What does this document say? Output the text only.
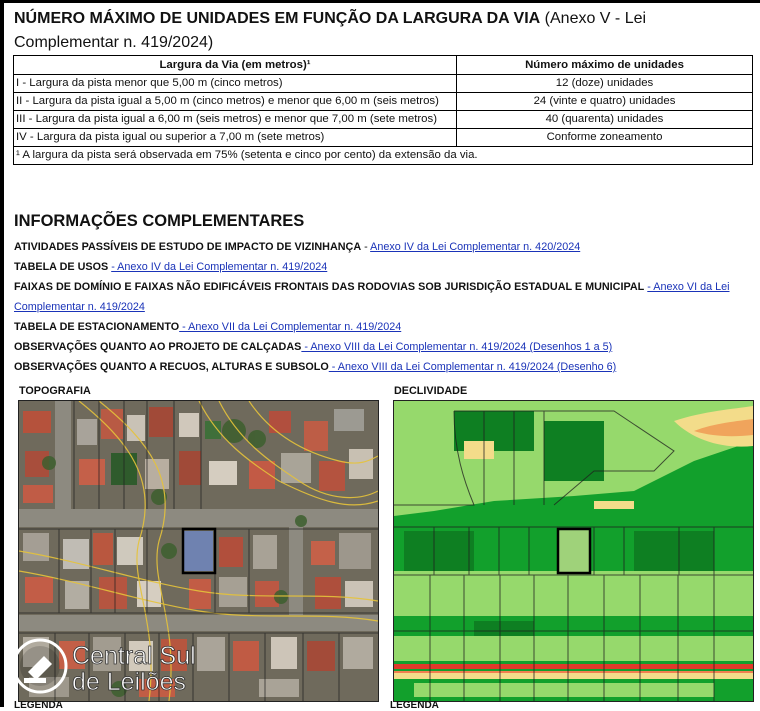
NÚMERO MÁXIMO DE UNIDADES EM FUNÇÃO DA LARGURA DA VIA (Anexo V - Lei Complementar n. 419/2024)
Largura da Via (em metros)¹	Número máximo de unidades
I - Largura da pista menor que 5,00 m (cinco metros)	12 (doze) unidades
II - Largura da pista igual a 5,00 m (cinco metros) e menor que 6,00 m (seis metros)	24 (vinte e quatro) unidades
III - Largura da pista igual a 6,00 m (seis metros) e menor que 7,00 m (sete metros)	40 (quarenta) unidades
IV - Largura da pista igual ou superior a 7,00 m (sete metros)	Conforme zoneamento
¹ A largura da pista será observada em 75% (setenta e cinco por cento) da extensão da via.	
INFORMAÇÕES COMPLEMENTARES
ATIVIDADES PASSÍVEIS DE ESTUDO DE IMPACTO DE VIZINHANÇA - Anexo IV da Lei Complementar n. 420/2024
TABELA DE USOS - Anexo IV da Lei Complementar n. 419/2024
FAIXAS DE DOMÍNIO E FAIXAS NÃO EDIFICÁVEIS FRONTAIS DAS RODOVIAS SOB JURISDIÇÃO ESTADUAL E MUNICIPAL - Anexo VI da Lei Complementar n. 419/2024
TABELA DE ESTACIONAMENTO - Anexo VII da Lei Complementar n. 419/2024
OBSERVAÇÕES QUANTO AO PROJETO DE CALÇADAS - Anexo VIII da Lei Complementar n. 419/2024 (Desenhos 1 a 5)
OBSERVAÇÕES QUANTO A RECUOS, ALTURAS E SUBSOLO - Anexo VIII da Lei Complementar n. 419/2024 (Desenho 6)
TOPOGRAFIA	DECLIVIDADE
LEGENDA	LEGENDA
Central Sul
de Leilões
